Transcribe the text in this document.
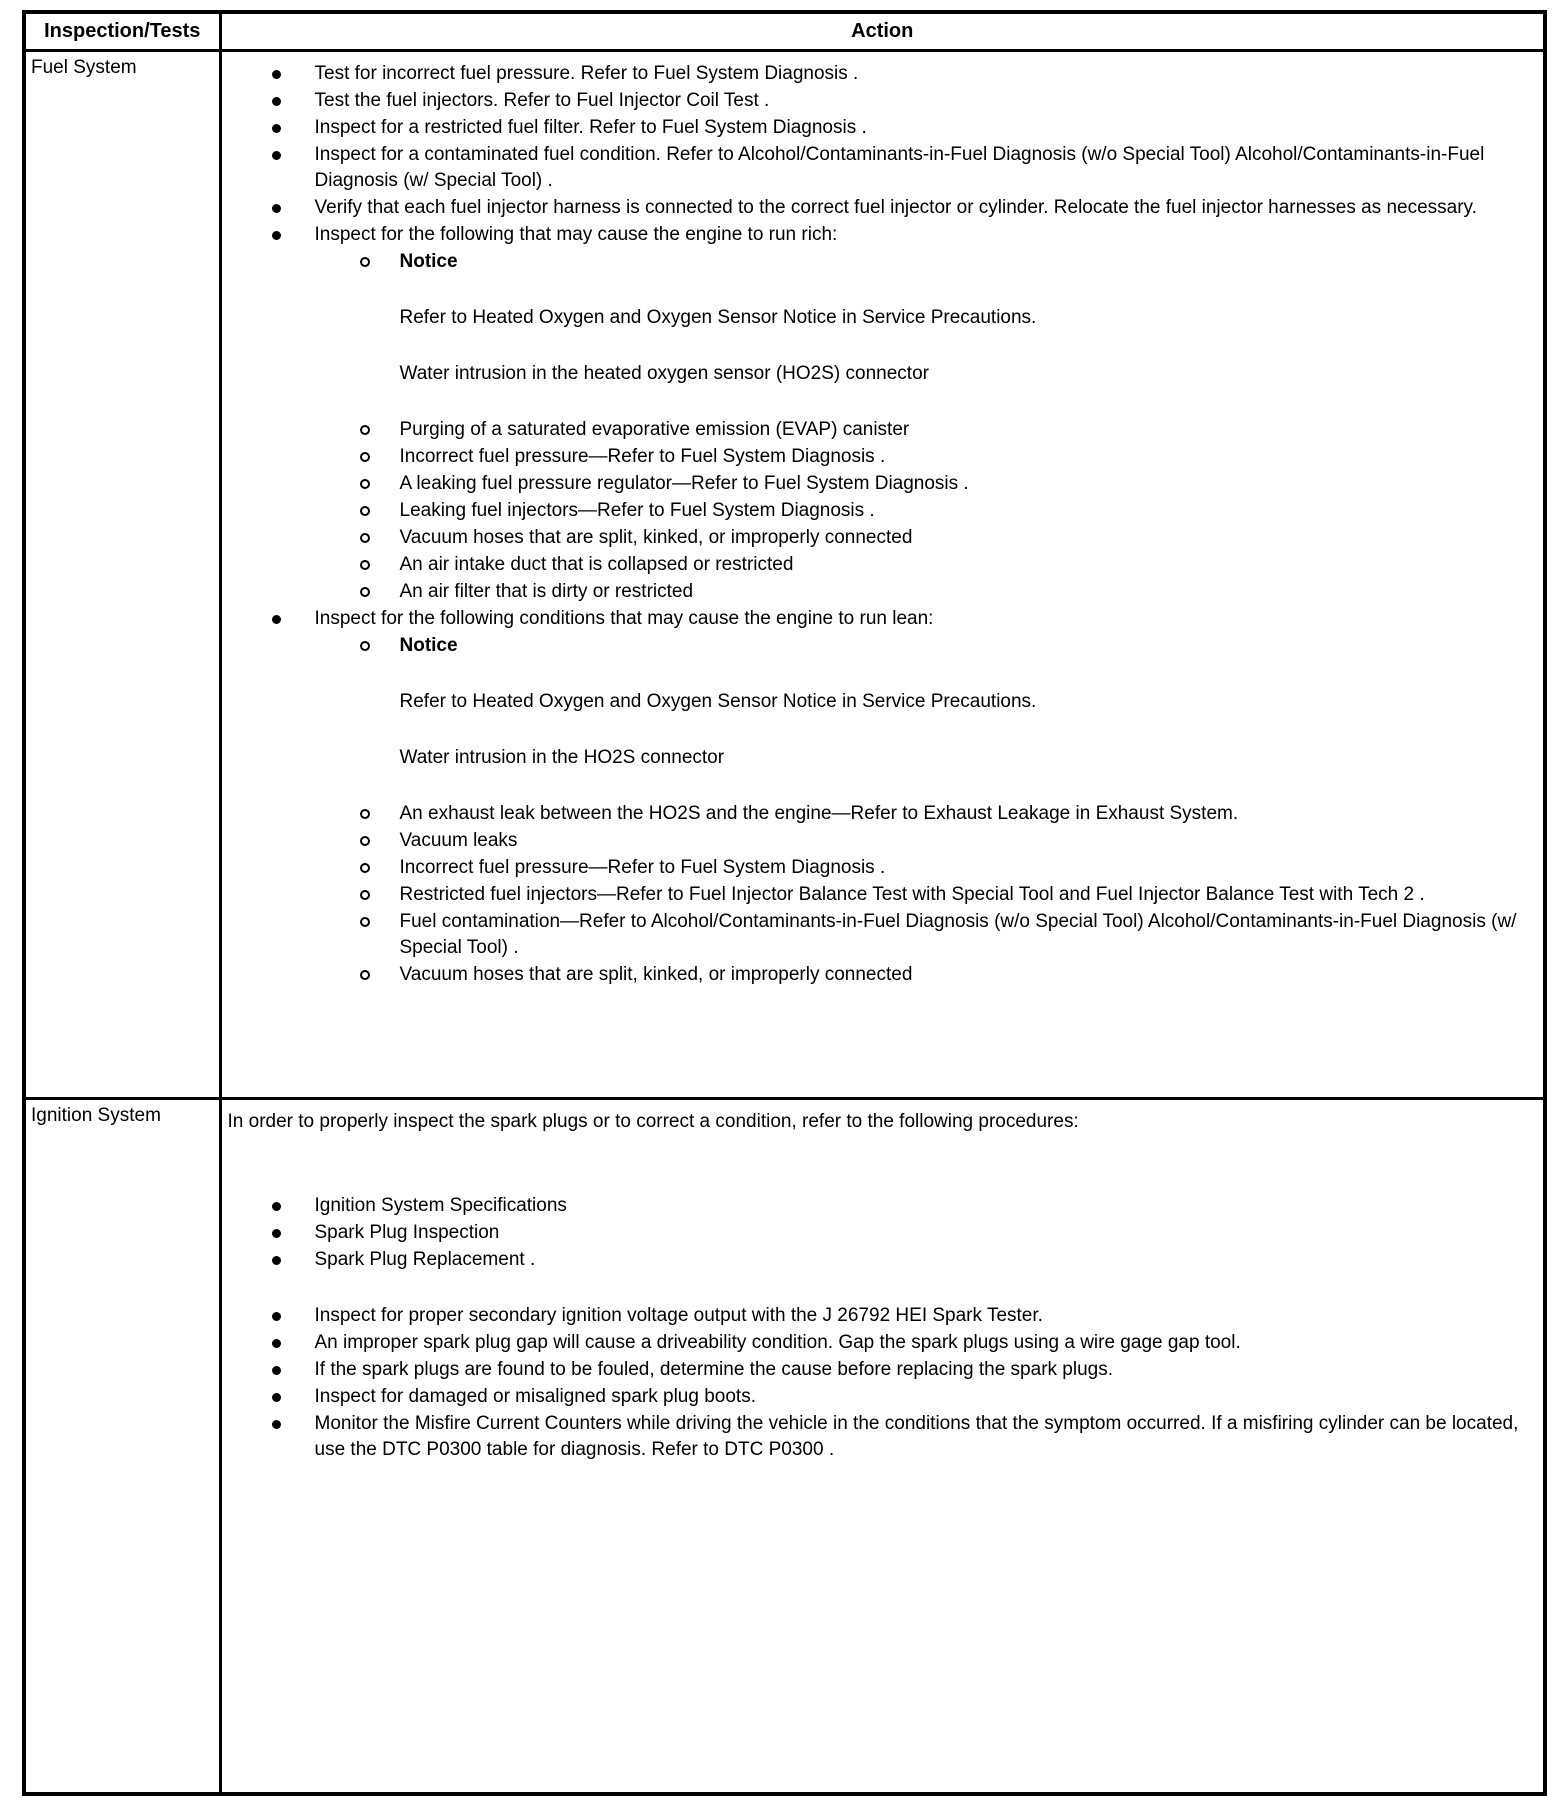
Inspection/Tests	Action
Fuel System	Test for incorrect fuel pressure. Refer to Fuel System Diagnosis .
Test the fuel injectors. Refer to Fuel Injector Coil Test .
Inspect for a restricted fuel filter. Refer to Fuel System Diagnosis .
Inspect for a contaminated fuel condition. Refer to Alcohol/Contaminants-in-Fuel Diagnosis (w/o Special Tool) Alcohol/Contaminants-in-Fuel Diagnosis (w/ Special Tool) .
Verify that each fuel injector harness is connected to the correct fuel injector or cylinder. Relocate the fuel injector harnesses as necessary.
Inspect for the following that may cause the engine to run rich:
Notice
Refer to Heated Oxygen and Oxygen Sensor Notice in Service Precautions.
Water intrusion in the heated oxygen sensor (HO2S) connector
Purging of a saturated evaporative emission (EVAP) canister
Incorrect fuel pressure—Refer to Fuel System Diagnosis .
A leaking fuel pressure regulator—Refer to Fuel System Diagnosis .
Leaking fuel injectors—Refer to Fuel System Diagnosis .
Vacuum hoses that are split, kinked, or improperly connected
An air intake duct that is collapsed or restricted
An air filter that is dirty or restricted
Inspect for the following conditions that may cause the engine to run lean:
Notice
Refer to Heated Oxygen and Oxygen Sensor Notice in Service Precautions.
Water intrusion in the HO2S connector
An exhaust leak between the HO2S and the engine—Refer to Exhaust Leakage in Exhaust System.
Vacuum leaks
Incorrect fuel pressure—Refer to Fuel System Diagnosis .
Restricted fuel injectors—Refer to Fuel Injector Balance Test with Special Tool and Fuel Injector Balance Test with Tech 2 .
Fuel contamination—Refer to Alcohol/Contaminants-in-Fuel Diagnosis (w/o Special Tool) Alcohol/Contaminants-in-Fuel Diagnosis (w/ Special Tool) .
Vacuum hoses that are split, kinked, or improperly connected

Ignition System	In order to properly inspect the spark plugs or to correct a condition, refer to the following procedures:
Ignition System Specifications
Spark Plug Inspection
Spark Plug Replacement .
Inspect for proper secondary ignition voltage output with the J 26792 HEI Spark Tester.
An improper spark plug gap will cause a driveability condition. Gap the spark plugs using a wire gage gap tool.
If the spark plugs are found to be fouled, determine the cause before replacing the spark plugs.
Inspect for damaged or misaligned spark plug boots.
Monitor the Misfire Current Counters while driving the vehicle in the conditions that the symptom occurred. If a misfiring cylinder can be located, use the DTC P0300 table for diagnosis. Refer to DTC P0300 .
